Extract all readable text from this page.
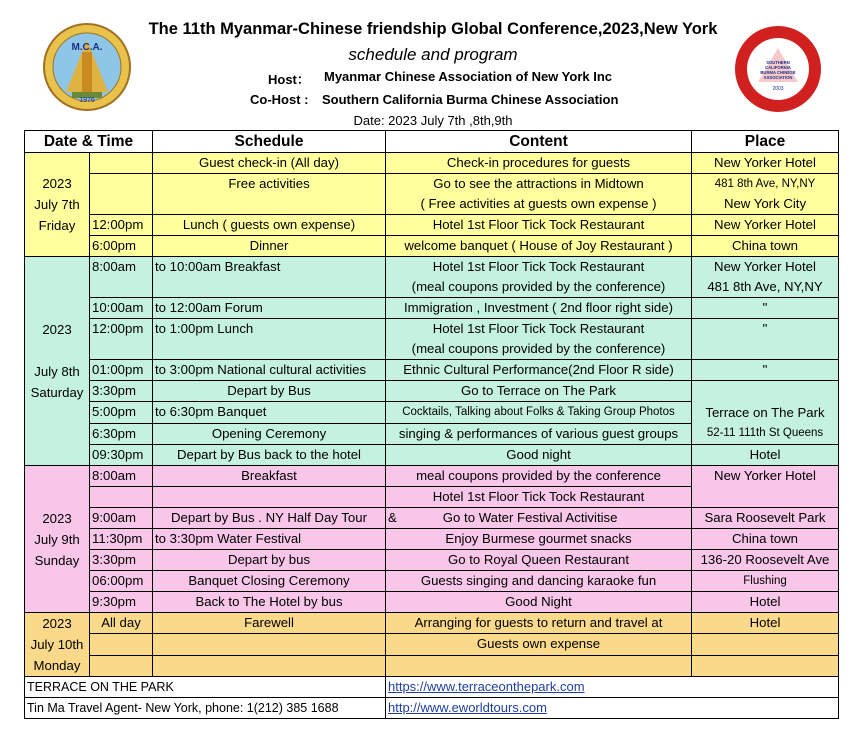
The 11th Myanmar-Chinese friendship Global Conference,2023,New York
schedule and program
Host： Myanmar Chinese Association of New York Inc
Co-Host : Southern California Burma Chinese Association
Date: 2023 July 7th ,8th,9th
M.C.A.
1976
SOUTHERN
CALIFORNIA
BURMA CHINESE
ASSOCIATION
2003
Date & Time		Schedule	Content	Place

2023
July 7th
Friday		Guest check-in (All day)	Check-in procedures for guests	New Yorker Hotel
		Free activities	Go to see the attractions in Midtown	481 8th Ave, NY,NY
			( Free activities at guests own expense )	New York City
	12:00pm	Lunch ( guests own expense)	Hotel 1st Floor Tick Tock Restaurant	New Yorker Hotel
	6:00pm	Dinner	welcome banquet ( House of Joy Restaurant )	China town

2023
July 8th
Saturday	8:00am	to 10:00am Breakfast	Hotel 1st Floor Tick Tock Restaurant	New Yorker Hotel
			(meal coupons provided by the conference)	481 8th Ave, NY,NY
	10:00am	to 12:00am Forum	Immigration , Investment ( 2nd floor right side)	"
	12:00pm	to 1:00pm Lunch	Hotel 1st Floor Tick Tock Restaurant	"
			(meal coupons provided by the conference)	
	01:00pm	to 3:00pm National cultural activities	Ethnic Cultural Performance(2nd Floor R side)	"
	3:30pm	Depart by Bus	Go to Terrace on The Park	Terrace on The Park
52-11 111th St Queens

	5:00pm	to 6:30pm Banquet	Cocktails, Talking about Folks & Taking Group Photos	
	6:30pm	Opening Ceremony	singing & performances of various guest groups	
	09:30pm	Depart by Bus back to the hotel	Good night	Hotel

2023
July 9th
Sunday	8:00am	Breakfast	meal coupons provided by the conference	New Yorker Hotel
			Hotel 1st Floor Tick Tock Restaurant	
	9:00am	Depart by Bus . NY Half Day Tour	& Go to Water Festival Activitise	Sara Roosevelt Park
	11:30pm	to 3:30pm Water Festival	Enjoy Burmese gourmet snacks	China town
	3:30pm	Depart by bus	Go to Royal Queen Restaurant	136-20 Roosevelt Ave
	06:00pm	Banquet Closing Ceremony	Guests singing and dancing karaoke fun	Flushing
	9:30pm	Back to The Hotel by bus	Good Night	Hotel

2023
July 10th
Monday	All day	Farewell	Arranging for guests to return and travel at	Hotel
			Guests own expense	

TERRACE ON THE PARK			https://www.terraceonthepark.com	
Tin Ma Travel Agent- New York, phone: 1(212) 385 1688			http://www.eworldtours.com	
